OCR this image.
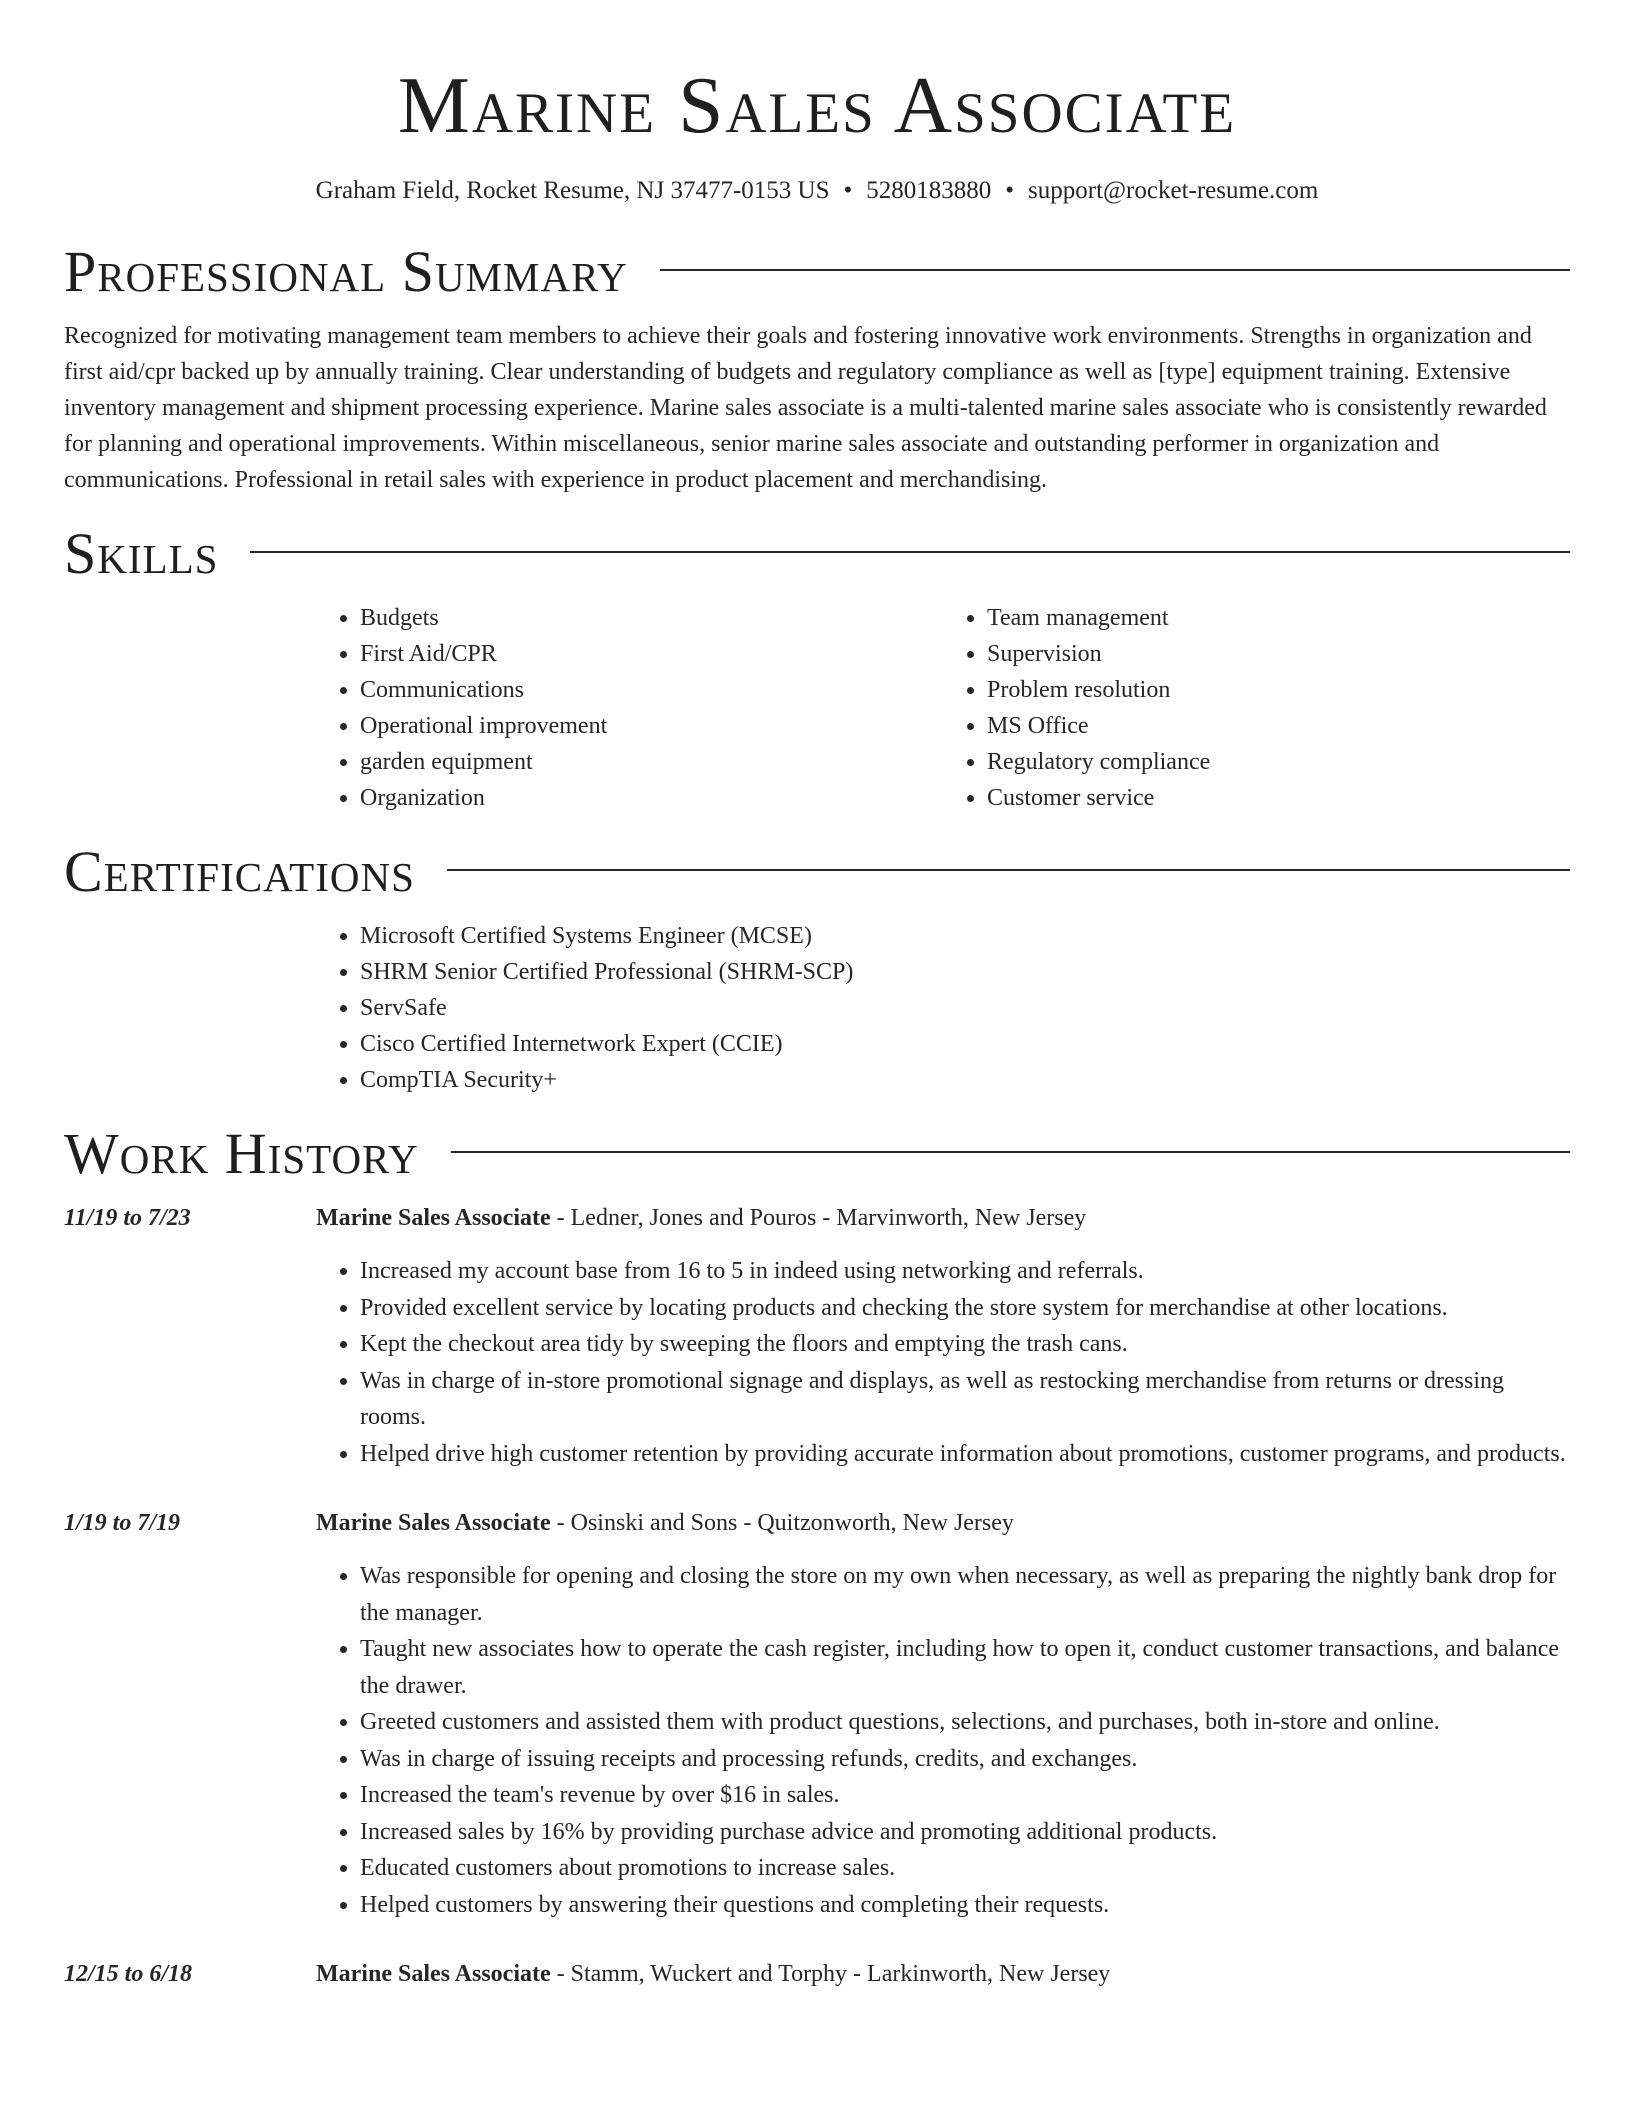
Marine Sales Associate
Graham Field, Rocket Resume, NJ 37477-0153 US • 5280183880 • support@rocket-resume.com
Professional Summary

Recognized for motivating management team members to achieve their goals and fostering innovative work environments. Strengths in organization and first aid/cpr backed up by annually training. Clear understanding of budgets and regulatory compliance as well as [type] equipment training. Extensive inventory management and shipment processing experience. Marine sales associate is a multi-talented marine sales associate who is consistently rewarded for planning and operational improvements. Within miscellaneous, senior marine sales associate and outstanding performer in organization and communications. Professional in retail sales with experience in product placement and merchandising.

Skills
• Budgets
• First Aid/CPR
• Communications
• Operational improvement
• garden equipment
• Organization
• Team management
• Supervision
• Problem resolution
• MS Office
• Regulatory compliance
• Customer service
Certifications
• Microsoft Certified Systems Engineer (MCSE)
• SHRM Senior Certified Professional (SHRM-SCP)
• ServSafe
• Cisco Certified Internetwork Expert (CCIE)
• CompTIA Security+
Work History
11/19 to 7/23	Marine Sales Associate - Ledner, Jones and Pouros - Marvinworth, New Jersey
• Increased my account base from 16 to 5 in indeed using networking and referrals.
• Provided excellent service by locating products and checking the store system for merchandise at other locations.
• Kept the checkout area tidy by sweeping the floors and emptying the trash cans.
• Was in charge of in-store promotional signage and displays, as well as restocking merchandise from returns or dressing rooms.
• Helped drive high customer retention by providing accurate information about promotions, customer programs, and products.
1/19 to 7/19	Marine Sales Associate - Osinski and Sons - Quitzonworth, New Jersey
• Was responsible for opening and closing the store on my own when necessary, as well as preparing the nightly bank drop for the manager.
• Taught new associates how to operate the cash register, including how to open it, conduct customer transactions, and balance the drawer.
• Greeted customers and assisted them with product questions, selections, and purchases, both in-store and online.
• Was in charge of issuing receipts and processing refunds, credits, and exchanges.
• Increased the team's revenue by over $16 in sales.
• Increased sales by 16% by providing purchase advice and promoting additional products.
• Educated customers about promotions to increase sales.
• Helped customers by answering their questions and completing their requests.
12/15 to 6/18	Marine Sales Associate - Stamm, Wuckert and Torphy - Larkinworth, New Jersey
